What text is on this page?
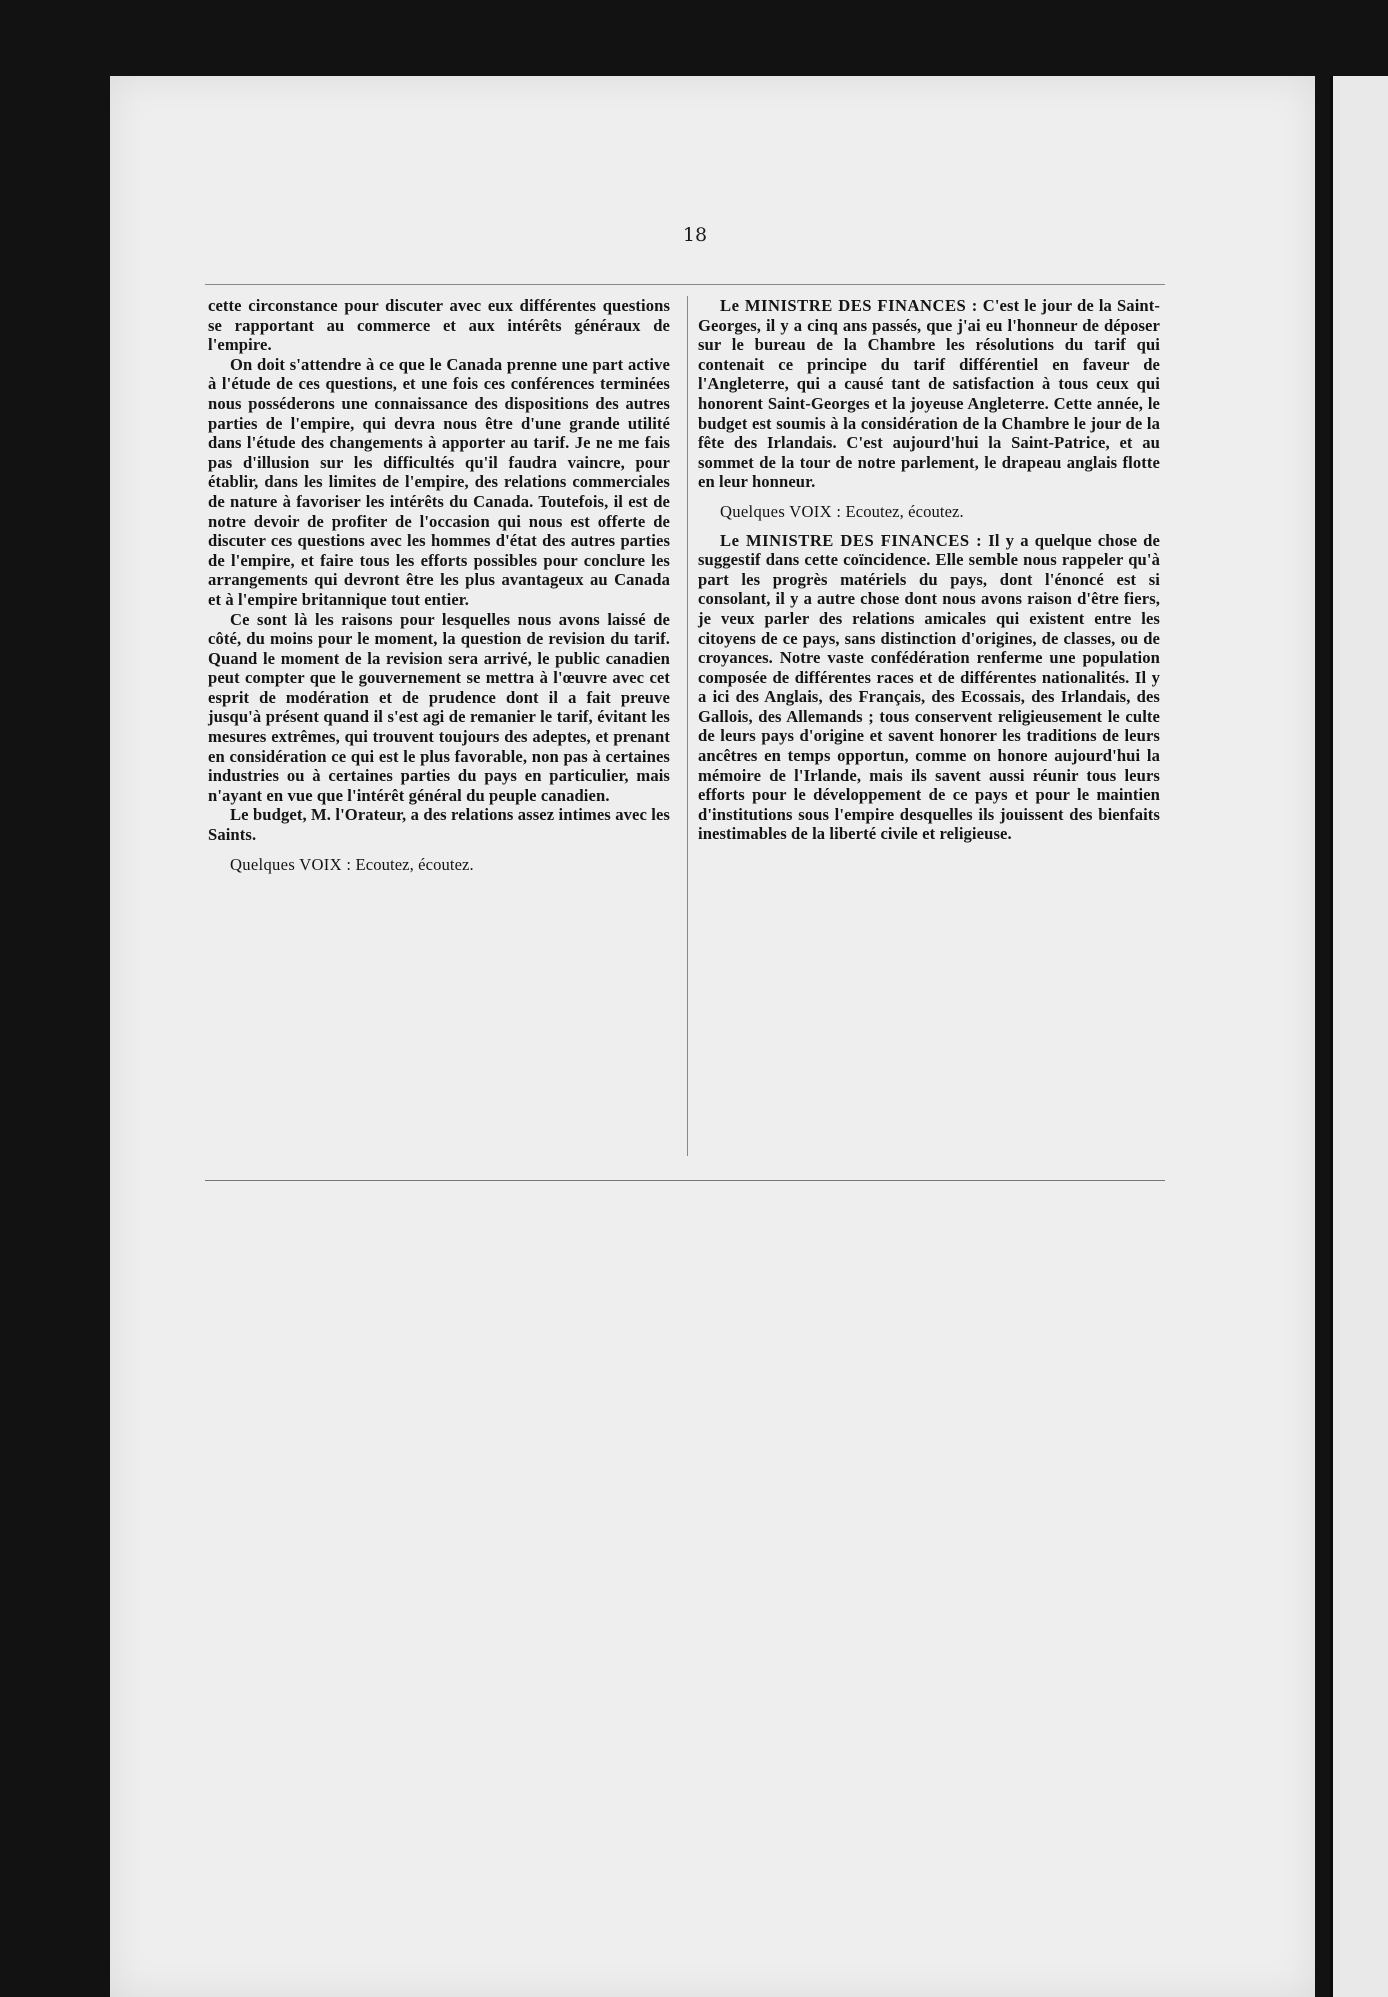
18

cette circonstance pour discuter avec eux différentes questions se rapportant au commerce et aux intérêts généraux de l'empire.

On doit s'attendre à ce que le Canada prenne une part active à l'étude de ces questions, et une fois ces conférences terminées nous posséderons une connaissance des dispositions des autres parties de l'empire, qui devra nous être d'une grande utilité dans l'étude des changements à apporter au tarif. Je ne me fais pas d'illusion sur les difficultés qu'il faudra vaincre, pour établir, dans les limites de l'empire, des relations commerciales de nature à favoriser les intérêts du Canada. Toutefois, il est de notre devoir de profiter de l'occasion qui nous est offerte de discuter ces questions avec les hommes d'état des autres parties de l'empire, et faire tous les efforts possibles pour conclure les arrangements qui devront être les plus avantageux au Canada et à l'empire britannique tout entier.

Ce sont là les raisons pour lesquelles nous avons laissé de côté, du moins pour le moment, la question de revision du tarif. Quand le moment de la revision sera arrivé, le public canadien peut compter que le gouvernement se mettra à l'œuvre avec cet esprit de modération et de prudence dont il a fait preuve jusqu'à présent quand il s'est agi de remanier le tarif, évitant les mesures extrêmes, qui trouvent toujours des adeptes, et prenant en considération ce qui est le plus favorable, non pas à certaines industries ou à certaines parties du pays en particulier, mais n'ayant en vue que l'intérêt général du peuple canadien.

Le budget, M. l'Orateur, a des relations assez intimes avec les Saints.

Quelques VOIX : Ecoutez, écoutez.

Le MINISTRE DES FINANCES : C'est le jour de la Saint-Georges, il y a cinq ans passés, que j'ai eu l'honneur de déposer sur le bureau de la Chambre les résolutions du tarif qui contenait ce principe du tarif différentiel en faveur de l'Angleterre, qui a causé tant de satisfaction à tous ceux qui honorent Saint-Georges et la joyeuse Angleterre. Cette année, le budget est soumis à la considération de la Chambre le jour de la fête des Irlandais. C'est aujourd'hui la Saint-Patrice, et au sommet de la tour de notre parlement, le drapeau anglais flotte en leur honneur.

Quelques VOIX : Ecoutez, écoutez.

Le MINISTRE DES FINANCES : Il y a quelque chose de suggestif dans cette coïncidence. Elle semble nous rappeler qu'à part les progrès matériels du pays, dont l'énoncé est si consolant, il y a autre chose dont nous avons raison d'être fiers, je veux parler des relations amicales qui existent entre les citoyens de ce pays, sans distinction d'origines, de classes, ou de croyances. Notre vaste confédération renferme une population composée de différentes races et de différentes nationalités. Il y a ici des Anglais, des Français, des Ecossais, des Irlandais, des Gallois, des Allemands ; tous conservent religieusement le culte de leurs pays d'origine et savent honorer les traditions de leurs ancêtres en temps opportun, comme on honore aujourd'hui la mémoire de l'Irlande, mais ils savent aussi réunir tous leurs efforts pour le développement de ce pays et pour le maintien d'institutions sous l'empire desquelles ils jouissent des bienfaits inestimables de la liberté civile et religieuse.
